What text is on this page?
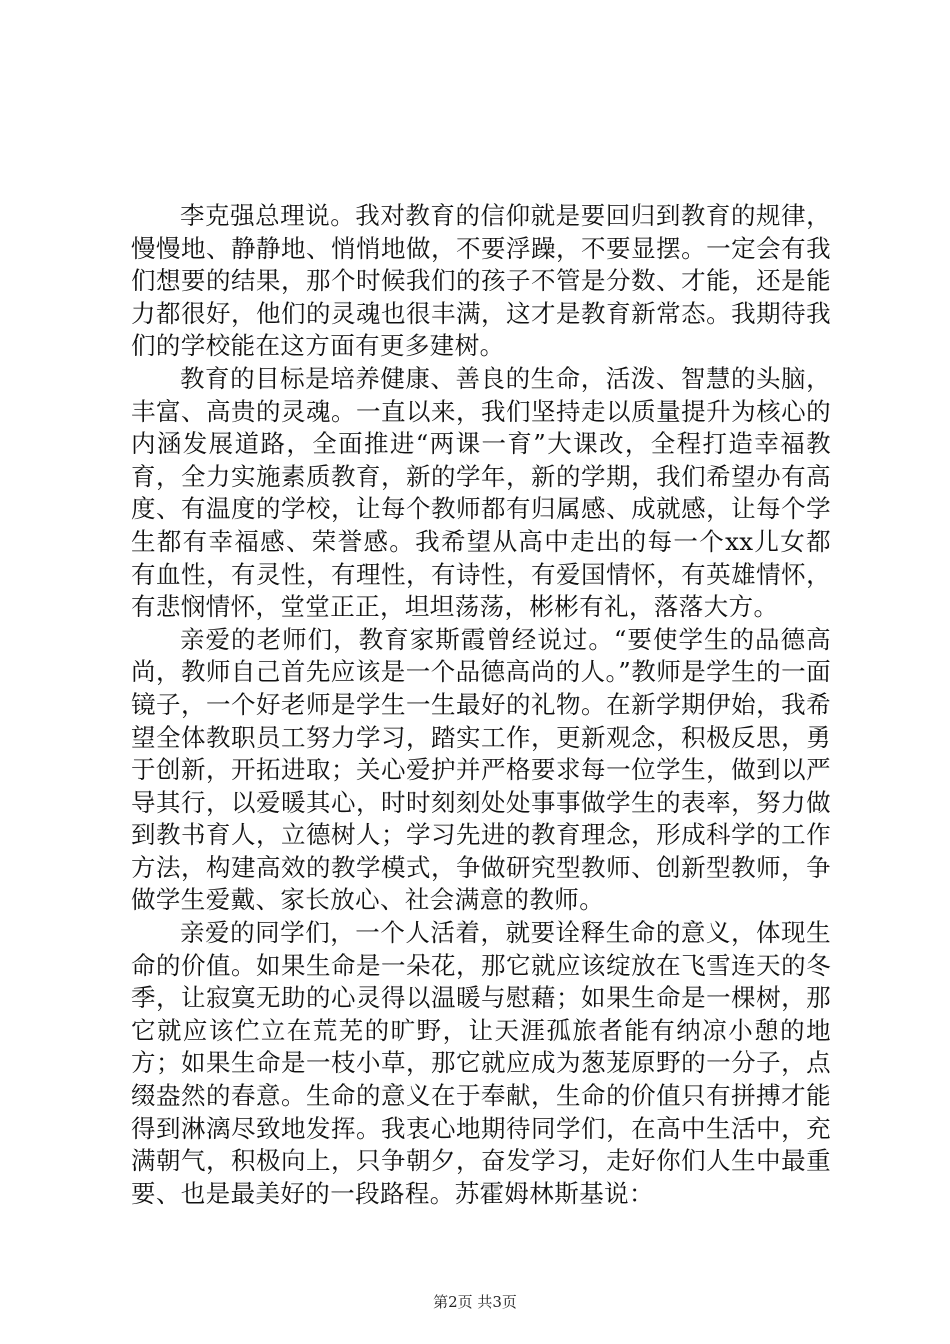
李克强总理说。我对教育的信仰就是要回归到教育的规律，慢慢地、静静地、悄悄地做，不要浮躁，不要显摆。一定会有我们想要的结果，那个时候我们的孩子不管是分数、才能，还是能力都很好，他们的灵魂也很丰满，这才是教育新常态。我期待我们的学校能在这方面有更多建树。

教育的目标是培养健康、善良的生命，活泼、智慧的头脑，丰富、高贵的灵魂。一直以来，我们坚持走以质量提升为核心的内涵发展道路，全面推进“两课一育”大课改，全程打造幸福教育，全力实施素质教育，新的学年，新的学期，我们希望办有高度、有温度的学校，让每个教师都有归属感、成就感，让每个学生都有幸福感、荣誉感。我希望从高中走出的每一个xx儿女都有血性，有灵性，有理性，有诗性，有爱国情怀，有英雄情怀，有悲悯情怀，堂堂正正，坦坦荡荡，彬彬有礼，落落大方。

亲爱的老师们，教育家斯霞曾经说过。“要使学生的品德高尚，教师自己首先应该是一个品德高尚的人。”教师是学生的一面镜子，一个好老师是学生一生最好的礼物。在新学期伊始，我希望全体教职员工努力学习，踏实工作，更新观念，积极反思，勇于创新，开拓进取；关心爱护并严格要求每一位学生，做到以严导其行，以爱暖其心，时时刻刻处处事事做学生的表率，努力做到教书育人，立德树人；学习先进的教育理念，形成科学的工作方法，构建高效的教学模式，争做研究型教师、创新型教师，争做学生爱戴、家长放心、社会满意的教师。

亲爱的同学们，一个人活着，就要诠释生命的意义，体现生命的价值。如果生命是一朵花，那它就应该绽放在飞雪连天的冬季，让寂寞无助的心灵得以温暖与慰藉；如果生命是一棵树，那它就应该伫立在荒芜的旷野，让天涯孤旅者能有纳凉小憩的地方；如果生命是一枝小草，那它就应成为葱茏原野的一分子，点缀盎然的春意。生命的意义在于奉献，生命的价值只有拼搏才能得到淋漓尽致地发挥。我衷心地期待同学们，在高中生活中，充满朝气，积极向上，只争朝夕，奋发学习，走好你们人生中最重要、也是最美好的一段路程。苏霍姆林斯基说：

第2页 共3页
